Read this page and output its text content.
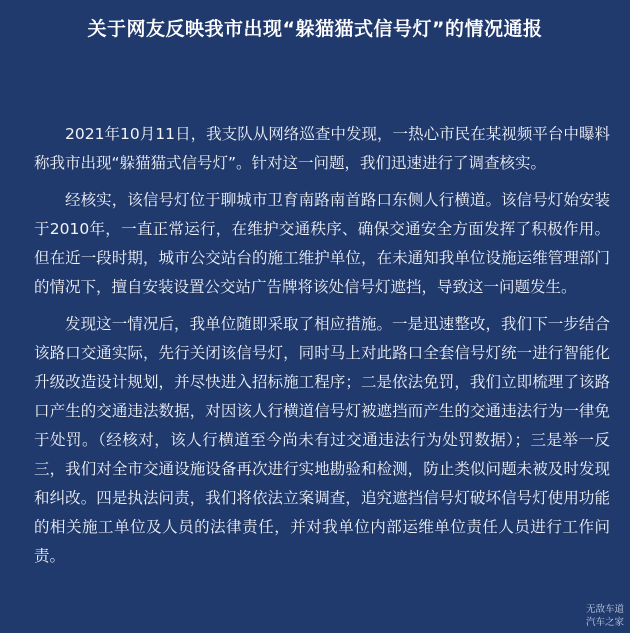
关于网友反映我市出现“躲猫猫式信号灯”的情况通报

2021年10月11日，我支队从网络巡查中发现，一热心市民在某视频平台中曝料称我市出现“躲猫猫式信号灯”。针对这一问题，我们迅速进行了调查核实。

经核实，该信号灯位于聊城市卫育南路南首路口东侧人行横道。该信号灯始安装于2010年，一直正常运行，在维护交通秩序、确保交通安全方面发挥了积极作用。但在近一段时期，城市公交站台的施工维护单位，在未通知我单位设施运维管理部门的情况下，擅自安装设置公交站广告牌将该处信号灯遮挡，导致这一问题发生。

发现这一情况后，我单位随即采取了相应措施。一是迅速整改，我们下一步结合该路口交通实际，先行关闭该信号灯，同时马上对此路口全套信号灯统一进行智能化升级改造设计规划，并尽快进入招标施工程序；二是依法免罚，我们立即梳理了该路口产生的交通违法数据，对因该人行横道信号灯被遮挡而产生的交通违法行为一律免于处罚。（经核对，该人行横道至今尚未有过交通违法行为处罚数据）；三是举一反三，我们对全市交通设施设备再次进行实地勘验和检测，防止类似问题未被及时发现和纠改。四是执法问责，我们将依法立案调查，追究遮挡信号灯破坏信号灯使用功能的相关施工单位及人员的法律责任，并对我单位内部运维单位责任人员进行工作问责。

无敌车道
汽车之家
